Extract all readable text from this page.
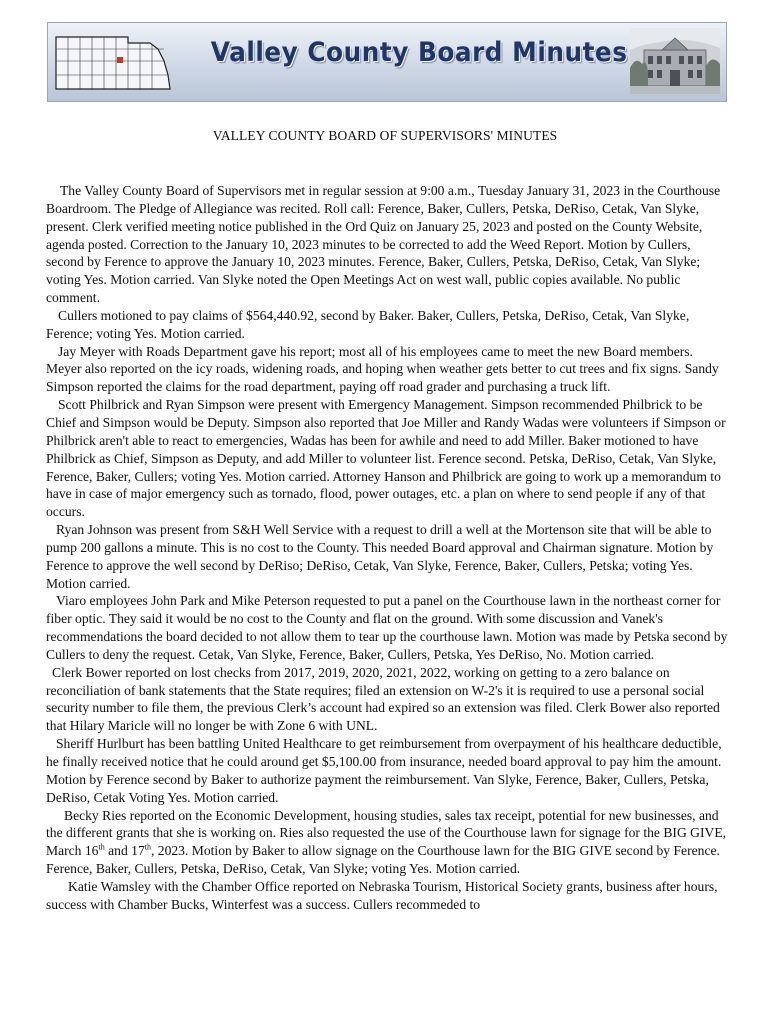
Valley County Board Minutes
VALLEY COUNTY BOARD OF SUPERVISORS' MINUTES

The Valley County Board of Supervisors met in regular session at 9:00 a.m., Tuesday January 31, 2023 in the Courthouse Boardroom. The Pledge of Allegiance was recited. Roll call: Ference, Baker, Cullers, Petska, DeRiso, Cetak, Van Slyke, present. Clerk verified meeting notice published in the Ord Quiz on January 25, 2023 and posted on the County Website, agenda posted. Correction to the January 10, 2023 minutes to be corrected to add the Weed Report. Motion by Cullers, second by Ference to approve the January 10, 2023 minutes. Ference, Baker, Cullers, Petska, DeRiso, Cetak, Van Slyke; voting Yes. Motion carried. Van Slyke noted the Open Meetings Act on west wall, public copies available. No public comment.

Cullers motioned to pay claims of $564,440.92, second by Baker. Baker, Cullers, Petska, DeRiso, Cetak, Van Slyke, Ference; voting Yes. Motion carried.

Jay Meyer with Roads Department gave his report; most all of his employees came to meet the new Board members. Meyer also reported on the icy roads, widening roads, and hoping when weather gets better to cut trees and fix signs. Sandy Simpson reported the claims for the road department, paying off road grader and purchasing a truck lift.

Scott Philbrick and Ryan Simpson were present with Emergency Management. Simpson recommended Philbrick to be Chief and Simpson would be Deputy. Simpson also reported that Joe Miller and Randy Wadas were volunteers if Simpson or Philbrick aren't able to react to emergencies, Wadas has been for awhile and need to add Miller. Baker motioned to have Philbrick as Chief, Simpson as Deputy, and add Miller to volunteer list. Ference second. Petska, DeRiso, Cetak, Van Slyke, Ference, Baker, Cullers; voting Yes. Motion carried. Attorney Hanson and Philbrick are going to work up a memorandum to have in case of major emergency such as tornado, flood, power outages, etc. a plan on where to send people if any of that occurs.

Ryan Johnson was present from S&H Well Service with a request to drill a well at the Mortenson site that will be able to pump 200 gallons a minute. This is no cost to the County. This needed Board approval and Chairman signature. Motion by Ference to approve the well second by DeRiso; DeRiso, Cetak, Van Slyke, Ference, Baker, Cullers, Petska; voting Yes. Motion carried.

Viaro employees John Park and Mike Peterson requested to put a panel on the Courthouse lawn in the northeast corner for fiber optic. They said it would be no cost to the County and flat on the ground. With some discussion and Vanek's recommendations the board decided to not allow them to tear up the courthouse lawn. Motion was made by Petska second by Cullers to deny the request. Cetak, Van Slyke, Ference, Baker, Cullers, Petska, Yes DeRiso, No. Motion carried.

Clerk Bower reported on lost checks from 2017, 2019, 2020, 2021, 2022, working on getting to a zero balance on reconciliation of bank statements that the State requires; filed an extension on W-2's it is required to use a personal social security number to file them, the previous Clerk’s account had expired so an extension was filed. Clerk Bower also reported that Hilary Maricle will no longer be with Zone 6 with UNL.

Sheriff Hurlburt has been battling United Healthcare to get reimbursement from overpayment of his healthcare deductible, he finally received notice that he could around get $5,100.00 from insurance, needed board approval to pay him the amount. Motion by Ference second by Baker to authorize payment the reimbursement. Van Slyke, Ference, Baker, Cullers, Petska, DeRiso, Cetak Voting Yes. Motion carried.

Becky Ries reported on the Economic Development, housing studies, sales tax receipt, potential for new businesses, and the different grants that she is working on. Ries also requested the use of the Courthouse lawn for signage for the BIG GIVE, March 16th and 17th, 2023. Motion by Baker to allow signage on the Courthouse lawn for the BIG GIVE second by Ference. Ference, Baker, Cullers, Petska, DeRiso, Cetak, Van Slyke; voting Yes. Motion carried.

Katie Wamsley with the Chamber Office reported on Nebraska Tourism, Historical Society grants, business after hours, success with Chamber Bucks, Winterfest was a success. Cullers recommeded to
